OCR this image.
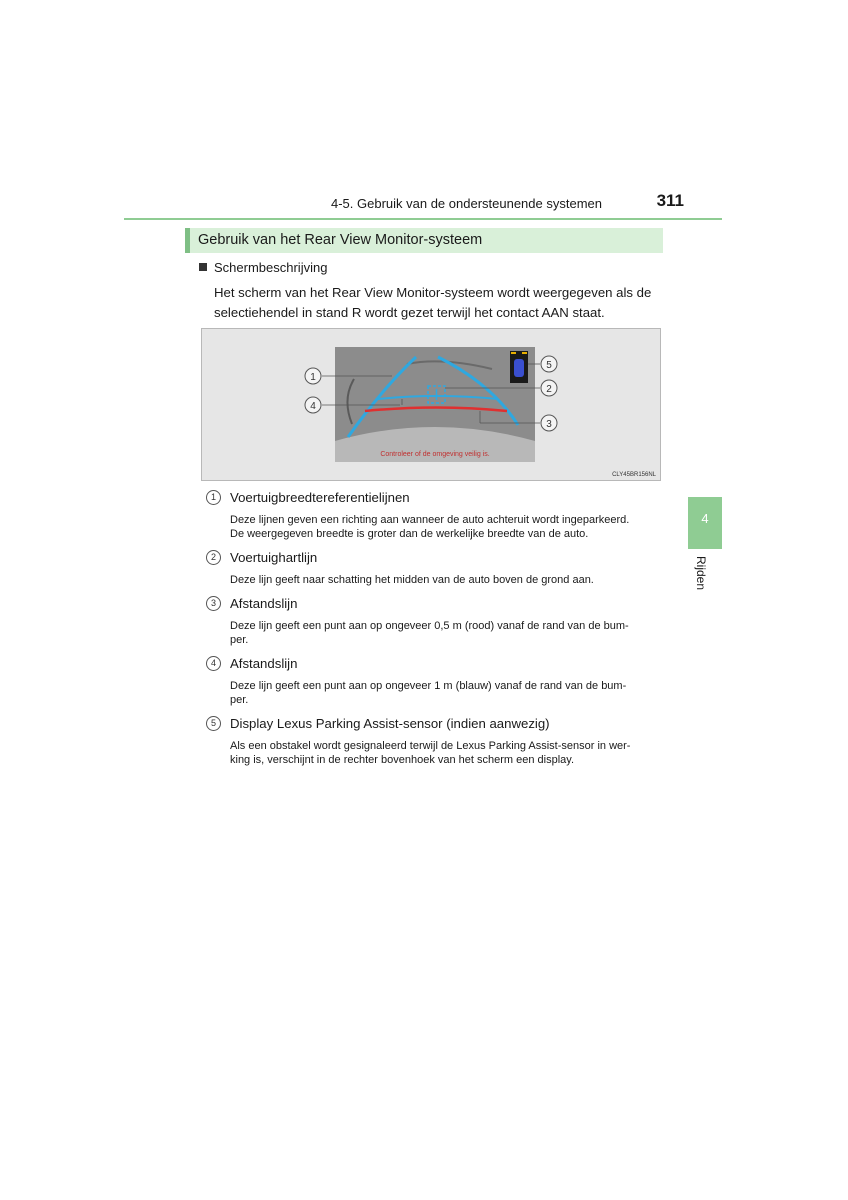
4-5. Gebruik van de ondersteunende systemen	311
4
Rijden
Gebruik van het Rear View Monitor-systeem
Schermbeschrijving
Het scherm van het Rear View Monitor-systeem wordt weergegeven als de selectiehendel in stand R wordt gezet terwijl het contact AAN staat.
1
4
5
2
3
Controleer of de omgeving veilig is.
CLY45BR156NL
1	Voertuigbreedtereferentielijnen
Deze lijnen geven een richting aan wanneer de auto achteruit wordt ingeparkeerd.
De weergegeven breedte is groter dan de werkelijke breedte van de auto.
2	Voertuighartlijn
Deze lijn geeft naar schatting het midden van de auto boven de grond aan.
3	Afstandslijn
Deze lijn geeft een punt aan op ongeveer 0,5 m (rood) vanaf de rand van de bum-
per.
4	Afstandslijn
Deze lijn geeft een punt aan op ongeveer 1 m (blauw) vanaf de rand van de bum-
per.
5	Display Lexus Parking Assist-sensor (indien aanwezig)
Als een obstakel wordt gesignaleerd terwijl de Lexus Parking Assist-sensor in wer-
king is, verschijnt in de rechter bovenhoek van het scherm een display.
